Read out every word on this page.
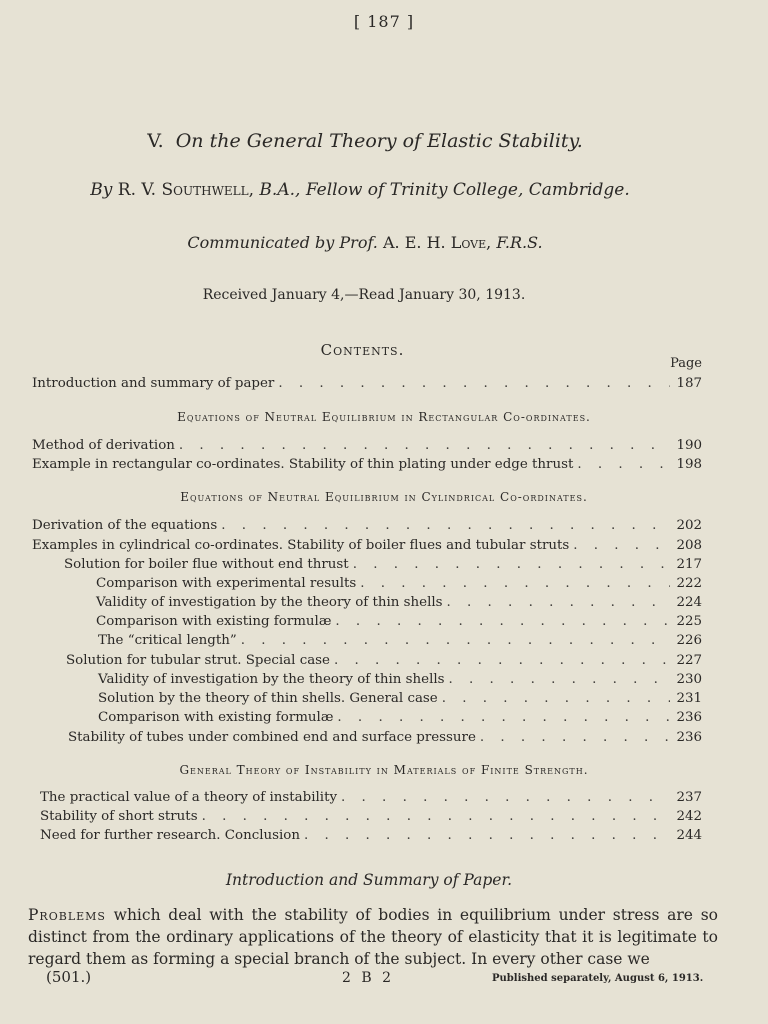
[ 187 ]
V. On the General Theory of Elastic Stability.
By R. V. Southwell, B.A., Fellow of Trinity College, Cambridge.
Communicated by Prof. A. E. H. Love, F.R.S.
Received January 4,—Read January 30, 1913.
Contents.
Page
Introduction and summary of paper . . .	187
Equations of Neutral Equilibrium in Rectangular Co-ordinates.
Method of derivation . . .	190
Example in rectangular co-ordinates. Stability of thin plating under edge thrust . . .	198
Equations of Neutral Equilibrium in Cylindrical Co-ordinates.
Derivation of the equations . . .	202
Examples in cylindrical co-ordinates. Stability of boiler flues and tubular struts . . .	208
Solution for boiler flue without end thrust . . .	217
Comparison with experimental results . . .	222
Validity of investigation by the theory of thin shells . . .	224
Comparison with existing formulæ . . .	225
The “critical length” . . .	226
Solution for tubular strut. Special case . . .	227
Validity of investigation by the theory of thin shells . . .	230
Solution by the theory of thin shells. General case . . .	231
Comparison with existing formulæ . . .	236
Stability of tubes under combined end and surface pressure . . .	236
General Theory of Instability in Materials of Finite Strength.
The practical value of a theory of instability . . .	237
Stability of short struts . . .	242
Need for further research. Conclusion . . .	244
Introduction and Summary of Paper.
Problems which deal with the stability of bodies in equilibrium under stress are so distinct from the ordinary applications of the theory of elasticity that it is legitimate to regard them as forming a special branch of the subject. In every other case we
(501.)	2 B 2	Published separately, August 6, 1913.
